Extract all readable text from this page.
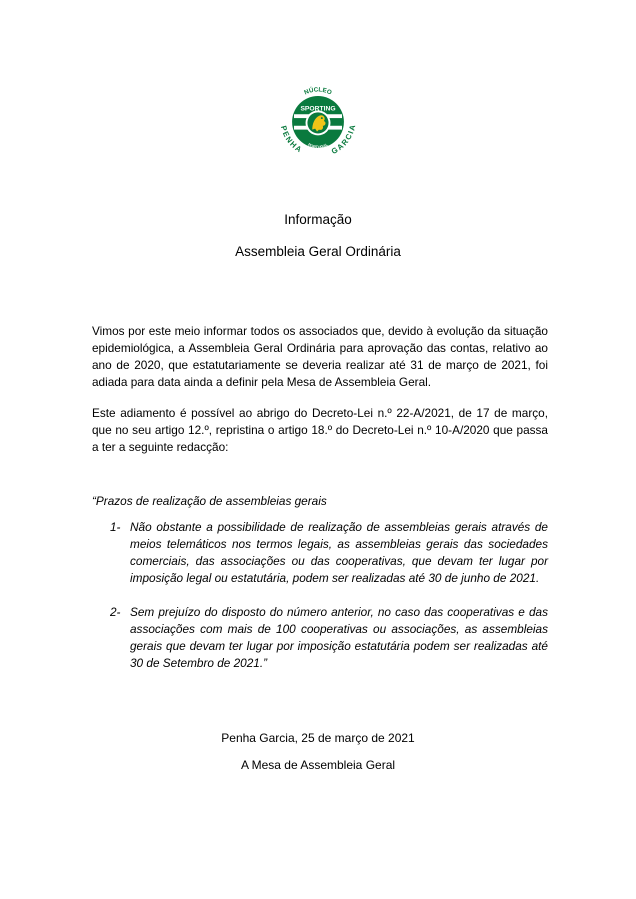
NÚCLEO
SPORTING
PORTUGAL
PENHA	GARCIA
Informação
Assembleia Geral Ordinária

Vimos por este meio informar todos os associados que, devido à evolução da situação epidemiológica, a Assembleia Geral Ordinária para aprovação das contas, relativo ao ano de 2020, que estatutariamente se deveria realizar até 31 de março de 2021, foi adiada para data ainda a definir pela Mesa de Assembleia Geral.

Este adiamento é possível ao abrigo do Decreto-Lei n.º 22-A/2021, de 17 de março, que no seu artigo 12.º, repristina o artigo 18.º do Decreto-Lei n.º 10-A/2020 que passa a ter a seguinte redacção:

“Prazos de realização de assembleias gerais

1- Não obstante a possibilidade de realização de assembleias gerais através de meios telemáticos nos termos legais, as assembleias gerais das sociedades comerciais, das associações ou das cooperativas, que devam ter lugar por imposição legal ou estatutária, podem ser realizadas até 30 de junho de 2021.
2- Sem prejuízo do disposto do número anterior, no caso das cooperativas e das associações com mais de 100 cooperativas ou associações, as assembleias gerais que devam ter lugar por imposição estatutária podem ser realizadas até 30 de Setembro de 2021.”
Penha Garcia, 25 de março de 2021
A Mesa de Assembleia Geral
